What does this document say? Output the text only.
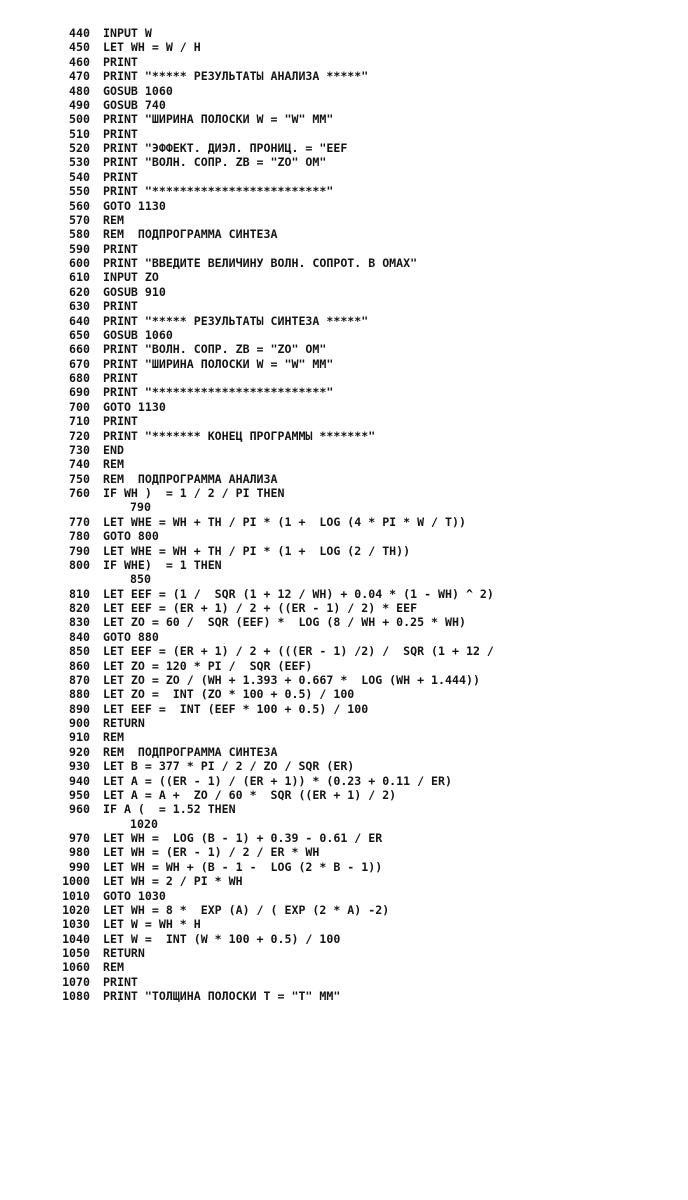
440	INPUT W
450	LET WH = W / H
460	PRINT
470	PRINT "***** РЕЗУЛЬТАТЫ АНАЛИЗА *****"
480	GOSUB 1060
490	GOSUB 740
500	PRINT "ШИРИНА ПОЛОСКИ W = "W" ММ"
510	PRINT
520	PRINT "ЭФФЕКТ. ДИЭЛ. ПРОНИЦ. = "EEF
530	PRINT "ВОЛН. СОПР. ZB = "ZO" ОМ"
540	PRINT
550	PRINT "*************************"
560	GOTO 1130
570	REM
580	REM  ПОДПРОГРАММА СИНТЕЗА
590	PRINT
600	PRINT "ВВЕДИТЕ ВЕЛИЧИНУ ВОЛН. СОПРОТ. В ОМАХ"
610	INPUT ZO
620	GOSUB 910
630	PRINT
640	PRINT "***** РЕЗУЛЬТАТЫ СИНТЕЗА *****"
650	GOSUB 1060
660	PRINT "ВОЛН. СОПР. ZB = "ZO" ОМ"
670	PRINT "ШИРИНА ПОЛОСКИ W = "W" ММ"
680	PRINT
690	PRINT "*************************"
700	GOTO 1130
710	PRINT
720	PRINT "******* КОНЕЦ ПРОГРАММЫ *******"
730	END
740	REM
750	REM  ПОДПРОГРАММА АНАЛИЗА
760	IF WH )  = 1 / 2 / PI THEN
790
770	LET WHE = WH + TH / PI * (1 +  LOG (4 * PI * W / T))
780	GOTO 800
790	LET WHE = WH + TH / PI * (1 +  LOG (2 / TH))
800	IF WHE)  = 1 THEN
850
810	LET EEF = (1 /  SQR (1 + 12 / WH) + 0.04 * (1 - WH) ^ 2)
820	LET EEF = (ER + 1) / 2 + ((ER - 1) / 2) * EEF
830	LET ZO = 60 /  SQR (EEF) *  LOG (8 / WH + 0.25 * WH)
840	GOTO 880
850	LET EEF = (ER + 1) / 2 + (((ER - 1) /2) /  SQR (1 + 12 /
860	LET ZO = 120 * PI /  SQR (EEF)
870	LET ZO = ZO / (WH + 1.393 + 0.667 *  LOG (WH + 1.444))
880	LET ZO =  INT (ZO * 100 + 0.5) / 100
890	LET EEF =  INT (EEF * 100 + 0.5) / 100
900	RETURN
910	REM
920	REM  ПОДПРОГРАММА СИНТЕЗА
930	LET B = 377 * PI / 2 / ZO / SQR (ER)
940	LET A = ((ER - 1) / (ER + 1)) * (0.23 + 0.11 / ER)
950	LET A = A +  ZO / 60 *  SQR ((ER + 1) / 2)
960	IF A (  = 1.52 THEN
1020
970	LET WH =  LOG (B - 1) + 0.39 - 0.61 / ER
980	LET WH = (ER - 1) / 2 / ER * WH
990	LET WH = WH + (B - 1 -  LOG (2 * B - 1))
1000	LET WH = 2 / PI * WH
1010	GOTO 1030
1020	LET WH = 8 *  EXP (A) / ( EXP (2 * A) -2)
1030	LET W = WH * H
1040	LET W =  INT (W * 100 + 0.5) / 100
1050	RETURN
1060	REM
1070	PRINT
1080	PRINT "ТОЛЩИНА ПОЛОСКИ T = "T" ММ"
